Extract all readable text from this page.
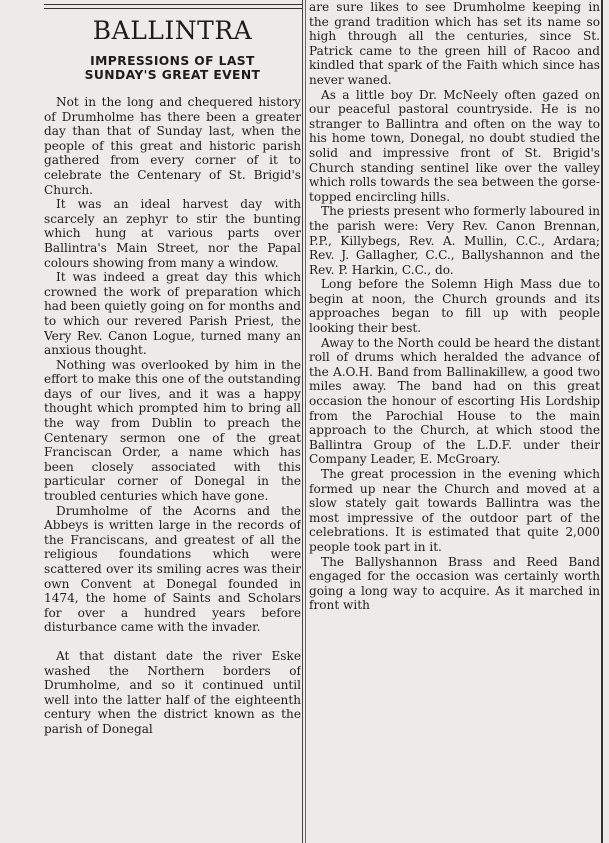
BALLINTRA
IMPRESSIONS OF LAST
SUNDAY'S GREAT EVENT

Not in the long and chequered history of Drumholme has there been a greater day than that of Sunday last, when the people of this great and historic parish gathered from every corner of it to celebrate the Centenary of St. Brigid's Church.

It was an ideal harvest day with scarcely an zephyr to stir the bunting which hung at various parts over Ballintra's Main Street, nor the Papal colours showing from many a window.

It was indeed a great day this which crowned the work of preparation which had been quietly going on for months and to which our revered Parish Priest, the Very Rev. Canon Logue, turned many an anxious thought.

Nothing was overlooked by him in the effort to make this one of the outstanding days of our lives, and it was a happy thought which prompted him to bring all the way from Dublin to preach the Centenary sermon one of the great Franciscan Order, a name which has been closely associated with this particular corner of Donegal in the troubled centuries which have gone.

Drumholme of the Acorns and the Abbeys is written large in the records of the Franciscans, and greatest of all the religious foundations which were scattered over its smiling acres was their own Convent at Donegal founded in 1474, the home of Saints and Scholars for over a hundred years before disturbance came with the invader.

At that distant date the river Eske washed the Northern borders of Drumholme, and so it continued until well into the latter half of the eighteenth century when the district known as the parish of Donegal

are sure likes to see Drumholme keeping in the grand tradition which has set its name so high through all the centuries, since St. Patrick came to the green hill of Racoo and kindled that spark of the Faith which since has never waned.

As a little boy Dr. McNeely often gazed on our peaceful pastoral countryside. He is no stranger to Ballintra and often on the way to his home town, Donegal, no doubt studied the solid and impressive front of St. Brigid's Church standing sentinel like over the valley which rolls towards the sea between the gorse-topped encircling hills.

The priests present who formerly laboured in the parish were: Very Rev. Canon Brennan, P.P., Killybegs, Rev. A. Mullin, C.C., Ardara; Rev. J. Gallagher, C.C., Ballyshannon and the Rev. P. Harkin, C.C., do.

Long before the Solemn High Mass due to begin at noon, the Church grounds and its approaches began to fill up with people looking their best.

Away to the North could be heard the distant roll of drums which heralded the advance of the A.O.H. Band from Ballinakillew, a good two miles away. The band had on this great occasion the honour of escorting His Lordship from the Parochial House to the main approach to the Church, at which stood the Ballintra Group of the L.D.F. under their Company Leader, E. McGroary.

The great procession in the evening which formed up near the Church and moved at a slow stately gait towards Ballintra was the most impressive of the outdoor part of the celebrations. It is estimated that quite 2,000 people took part in it.

The Ballyshannon Brass and Reed Band engaged for the occasion was certainly worth going a long way to acquire. As it marched in front with
